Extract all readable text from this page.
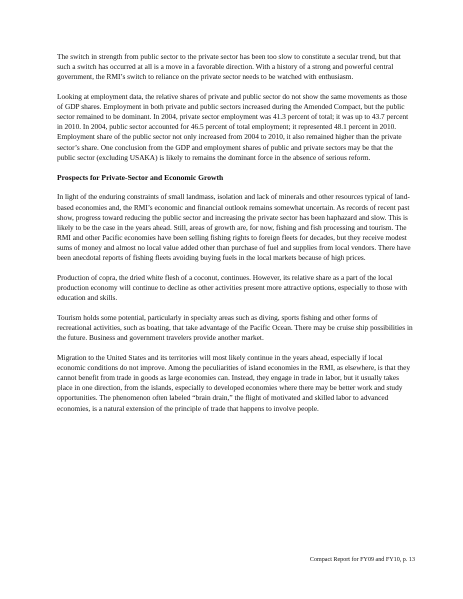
The switch in strength from public sector to the private sector has been too slow to constitute a secular trend, but that such a switch has occurred at all is a move in a favorable direction. With a history of a strong and powerful central government, the RMI’s switch to reliance on the private sector needs to be watched with enthusiasm.

Looking at employment data, the relative shares of private and public sector do not show the same movements as those of GDP shares. Employment in both private and public sectors increased during the Amended Compact, but the public sector remained to be dominant. In 2004, private sector employment was 41.3 percent of total; it was up to 43.7 percent in 2010. In 2004, public sector accounted for 46.5 percent of total employment; it represented 48.1 percent in 2010. Employment share of the public sector not only increased from 2004 to 2010, it also remained higher than the private sector’s share. One conclusion from the GDP and employment shares of public and private sectors may be that the public sector (excluding USAKA) is likely to remains the dominant force in the absence of serious reform.

Prospects for Private-Sector and Economic Growth

In light of the enduring constraints of small landmass, isolation and lack of minerals and other resources typical of land-based economies and, the RMI’s economic and financial outlook remains somewhat uncertain. As records of recent past show, progress toward reducing the public sector and increasing the private sector has been haphazard and slow. This is likely to be the case in the years ahead. Still, areas of growth are, for now, fishing and fish processing and tourism. The RMI and other Pacific economies have been selling fishing rights to foreign fleets for decades, but they receive modest sums of money and almost no local value added other than purchase of fuel and supplies from local vendors. There have been anecdotal reports of fishing fleets avoiding buying fuels in the local markets because of high prices.

Production of copra, the dried white flesh of a coconut, continues. However, its relative share as a part of the local production economy will continue to decline as other activities present more attractive options, especially to those with education and skills.

Tourism holds some potential, particularly in specialty areas such as diving, sports fishing and other forms of recreational activities, such as boating, that take advantage of the Pacific Ocean. There may be cruise ship possibilities in the future. Business and government travelers provide another market.

Migration to the United States and its territories will most likely continue in the years ahead, especially if local economic conditions do not improve. Among the peculiarities of island economies in the RMI, as elsewhere, is that they cannot benefit from trade in goods as large economies can. Instead, they engage in trade in labor, but it usually takes place in one direction, from the islands, especially to developed economies where there may be better work and study opportunities. The phenomenon often labeled “brain drain,” the flight of motivated and skilled labor to advanced economies, is a natural extension of the principle of trade that happens to involve people.

Compact Report for FY09 and FY10, p. 13
